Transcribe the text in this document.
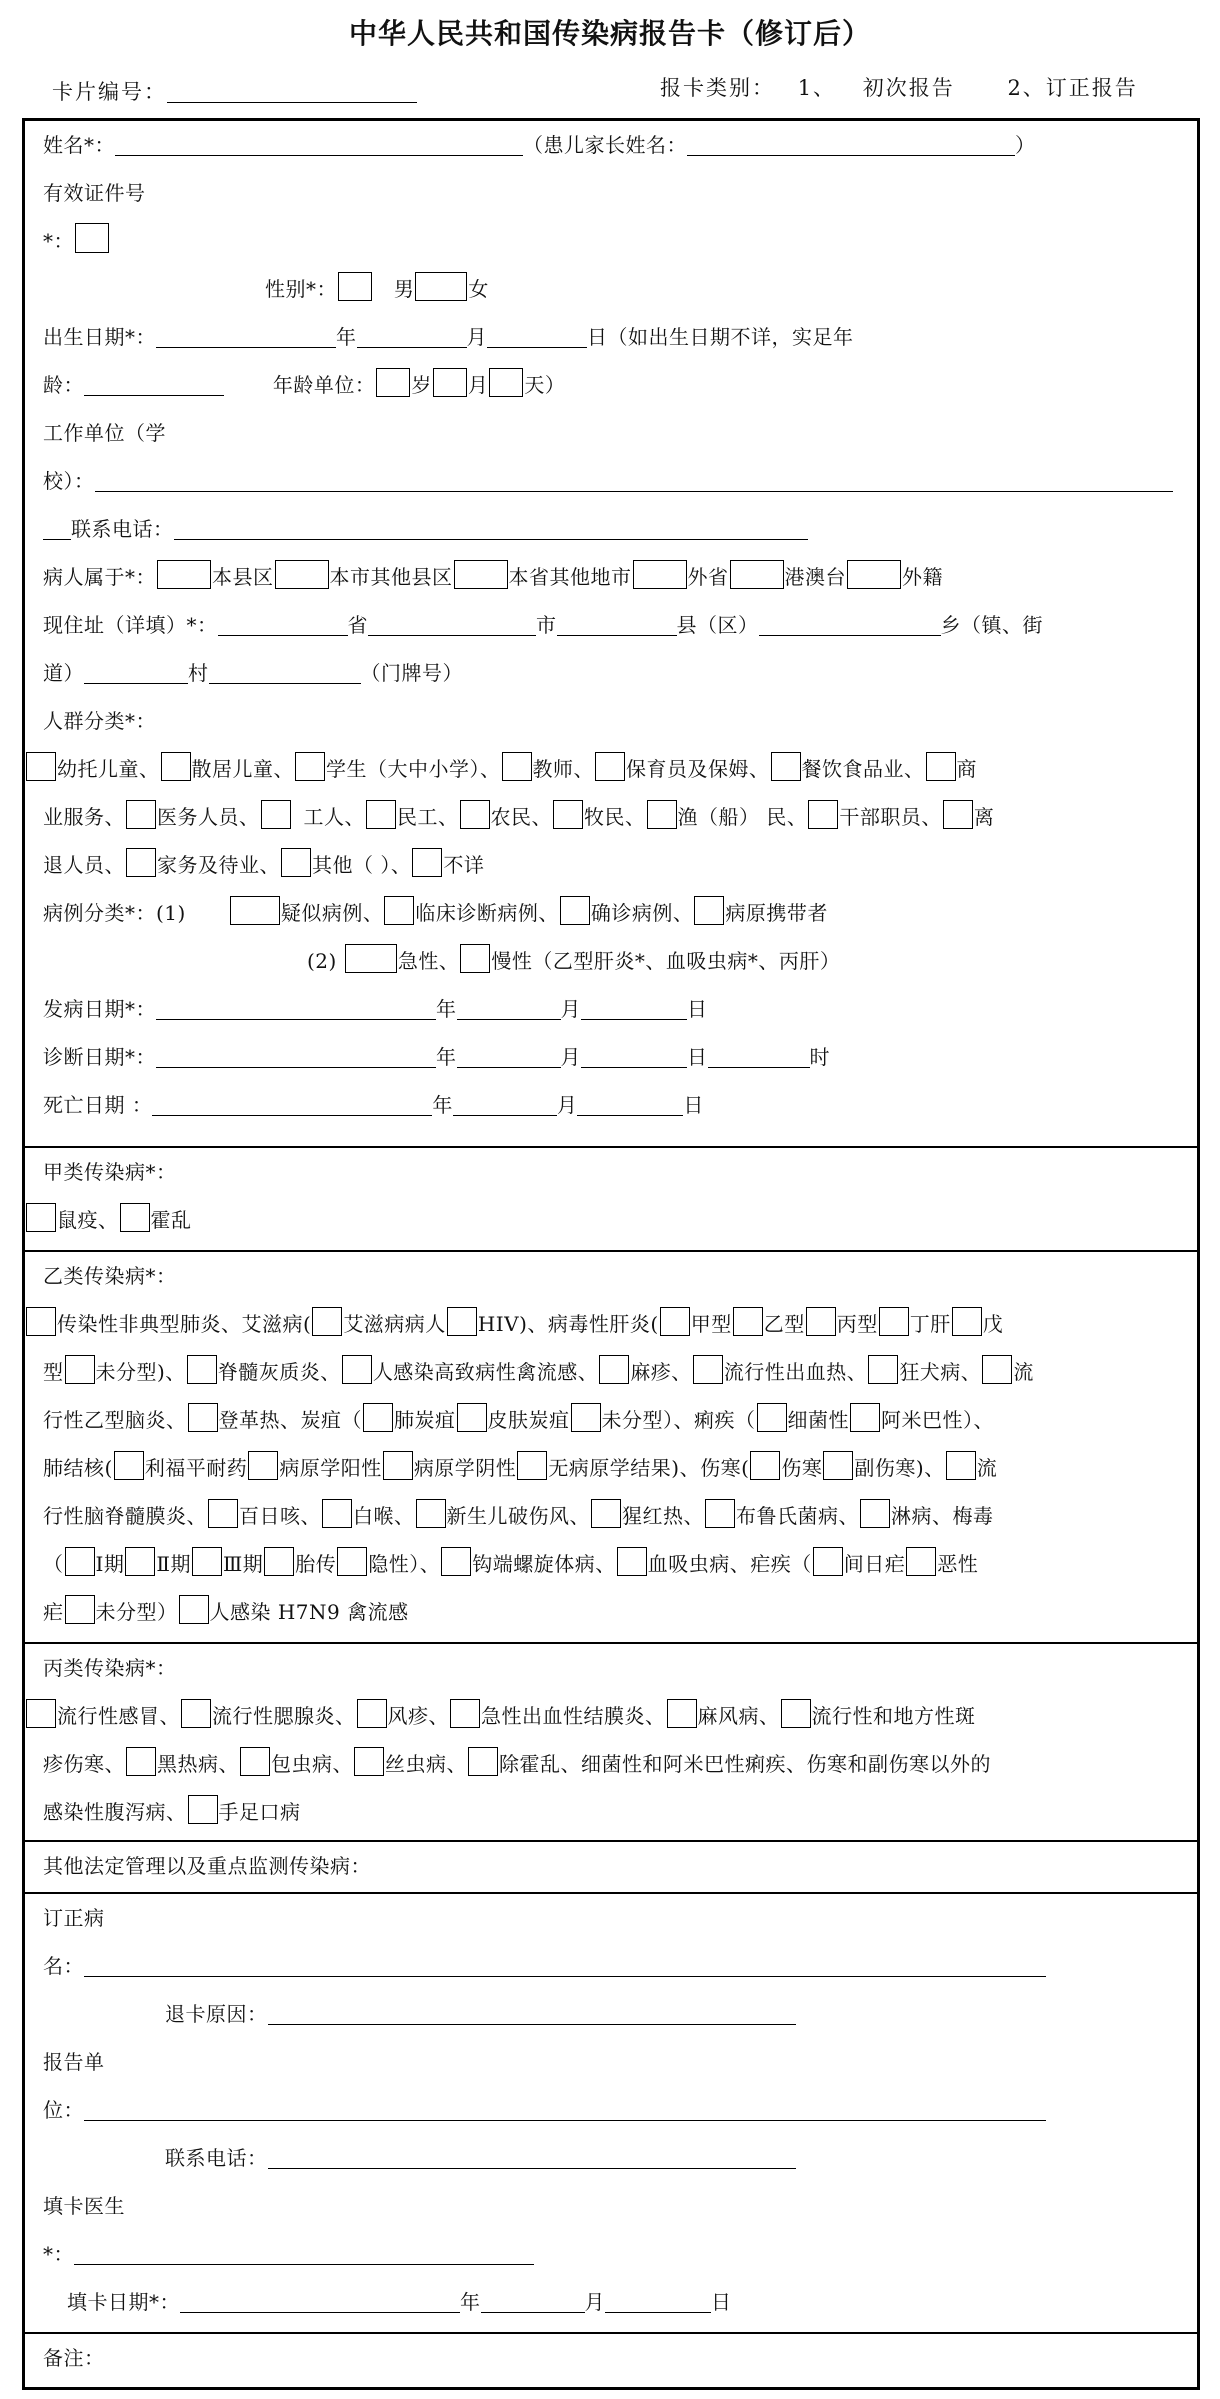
中华人民共和国传染病报告卡（修订后）
卡片编号：	报卡类别： 1、 初次报告	2、订正报告
姓名*：	（患儿家长姓名：	）
有效证件号
*：
性别*：	男	女
出生日期*：	年	月	日（如出生日期不详，实足年
龄：	年龄单位： 岁 月 天）
工作单位（学
校）：
联系电话：
病人属于*：	本县区	本市其他县区	本省其他地市	外省	港澳台	外籍
现住址（详填）*：	省	市	县（区）	乡（镇、街
道）	村	（门牌号）
人群分类*：
幼托儿童、 散居儿童、 学生（大中小学）、 教师、 保育员及保姆、 餐饮食品业、 商
业服务、 医务人员、 工人、 民工、 农民、 牧民、 渔（船） 民、 干部职员、 离
退人员、 家务及待业、 其他（ ）、 不详
病例分类*：(1)	疑似病例、 临床诊断病例、 确诊病例、 病原携带者
(2)	急性、 慢性（乙型肝炎*、血吸虫病*、丙肝）
发病日期*：	年	月	日
诊断日期*：	年	月	日	时
死亡日期 ：	年	月	日
甲类传染病*：
鼠疫、 霍乱
乙类传染病*：
传染性非典型肺炎、艾滋病( 艾滋病病人 HIV)、病毒性肝炎( 甲型 乙型 丙型 丁肝 戊
型 未分型)、 脊髓灰质炎、 人感染高致病性禽流感、 麻疹、 流行性出血热、 狂犬病、 流
行性乙型脑炎、 登革热、炭疽（ 肺炭疽 皮肤炭疽 未分型）、痢疾（ 细菌性 阿米巴性）、
肺结核( 利福平耐药 病原学阳性 病原学阴性 无病原学结果)、伤寒( 伤寒 副伤寒)、 流
行性脑脊髓膜炎、 百日咳、 白喉、 新生儿破伤风、 猩红热、 布鲁氏菌病、 淋病、梅毒
（ Ⅰ期 Ⅱ期 Ⅲ期 胎传 隐性）、 钩端螺旋体病、 血吸虫病、疟疾（ 间日疟 恶性
疟 未分型） 人感染 H7N9 禽流感
丙类传染病*：
流行性感冒、 流行性腮腺炎、 风疹、 急性出血性结膜炎、 麻风病、 流行性和地方性斑
疹伤寒、 黑热病、 包虫病、 丝虫病、 除霍乱、细菌性和阿米巴性痢疾、伤寒和副伤寒以外的
感染性腹泻病、 手足口病
其他法定管理以及重点监测传染病：
订正病
名：
退卡原因：
报告单
位：
联系电话：
填卡医生
*：
填卡日期*：	年	月	日
备注：
